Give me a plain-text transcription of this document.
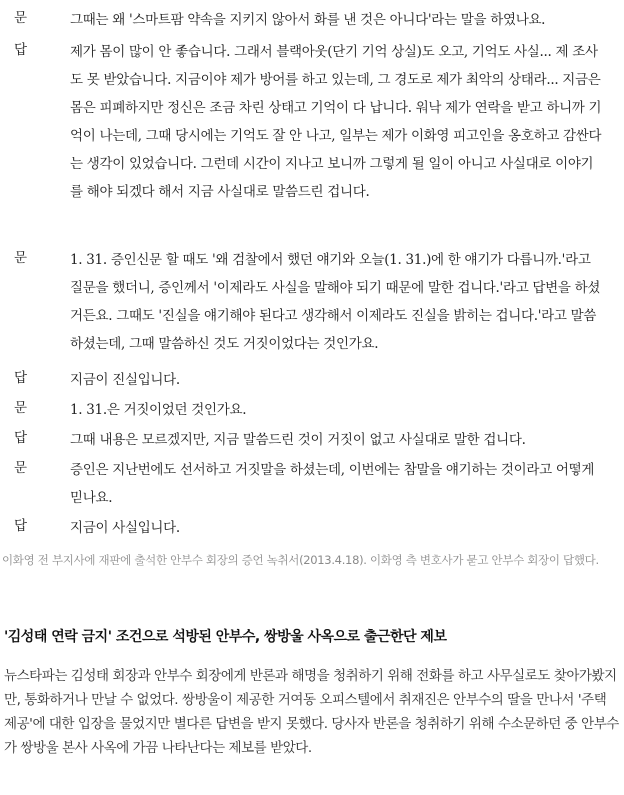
문	그때는 왜 '스마트팜 약속을 지키지 않아서 화를 낸 것은 아니다'라는 말을 하였나요.
답	제가 몸이 많이 안 좋습니다. 그래서 블랙아웃(단기 기억 상실)도 오고, 기억도 사실... 제 조사도 못 받았습니다. 지금이야 제가 방어를 하고 있는데, 그 경도로 제가 최악의 상태라... 지금은 몸은 피폐하지만 정신은 조금 차린 상태고 기억이 다 납니다. 워낙 제가 연락을 받고 하니까 기억이 나는데, 그때 당시에는 기억도 잘 안 나고, 일부는 제가 이화영 피고인을 옹호하고 감싼다는 생각이 있었습니다. 그런데 시간이 지나고 보니까 그렇게 될 일이 아니고 사실대로 이야기를 해야 되겠다 해서 지금 사실대로 말씀드린 겁니다.
문	1. 31. 증인신문 할 때도 '왜 검찰에서 했던 얘기와 오늘(1. 31.)에 한 얘기가 다릅니까.'라고 질문을 했더니, 증인께서 '이제라도 사실을 말해야 되기 때문에 말한 겁니다.'라고 답변을 하셨거든요. 그때도 '진실을 얘기해야 된다고 생각해서 이제라도 진실을 밝히는 겁니다.'라고 말씀하셨는데, 그때 말씀하신 것도 거짓이었다는 것인가요.
답	지금이 진실입니다.
문	1. 31.은 거짓이었던 것인가요.
답	그때 내용은 모르겠지만, 지금 말씀드린 것이 거짓이 없고 사실대로 말한 겁니다.
문	증인은 지난번에도 선서하고 거짓말을 하셨는데, 이번에는 참말을 얘기하는 것이라고 어떻게 믿나요.
답	지금이 사실입니다.
이화영 전 부지사에 재판에 출석한 안부수 회장의 증언 녹취서(2013.4.18). 이화영 측 변호사가 묻고 안부수 회장이 답했다.
'김성태 연락 금지' 조건으로 석방된 안부수, 쌍방울 사옥으로 출근한단 제보
뉴스타파는 김성태 회장과 안부수 회장에게 반론과 해명을 청취하기 위해 전화를 하고 사무실로도 찾아가봤지만, 통화하거나 만날 수 없었다. 쌍방울이 제공한 거여동 오피스텔에서 취재진은 안부수의 딸을 만나서 '주택 제공'에 대한 입장을 물었지만 별다른 답변을 받지 못했다. 당사자 반론을 청취하기 위해 수소문하던 중 안부수가 쌍방울 본사 사옥에 가끔 나타난다는 제보를 받았다.
